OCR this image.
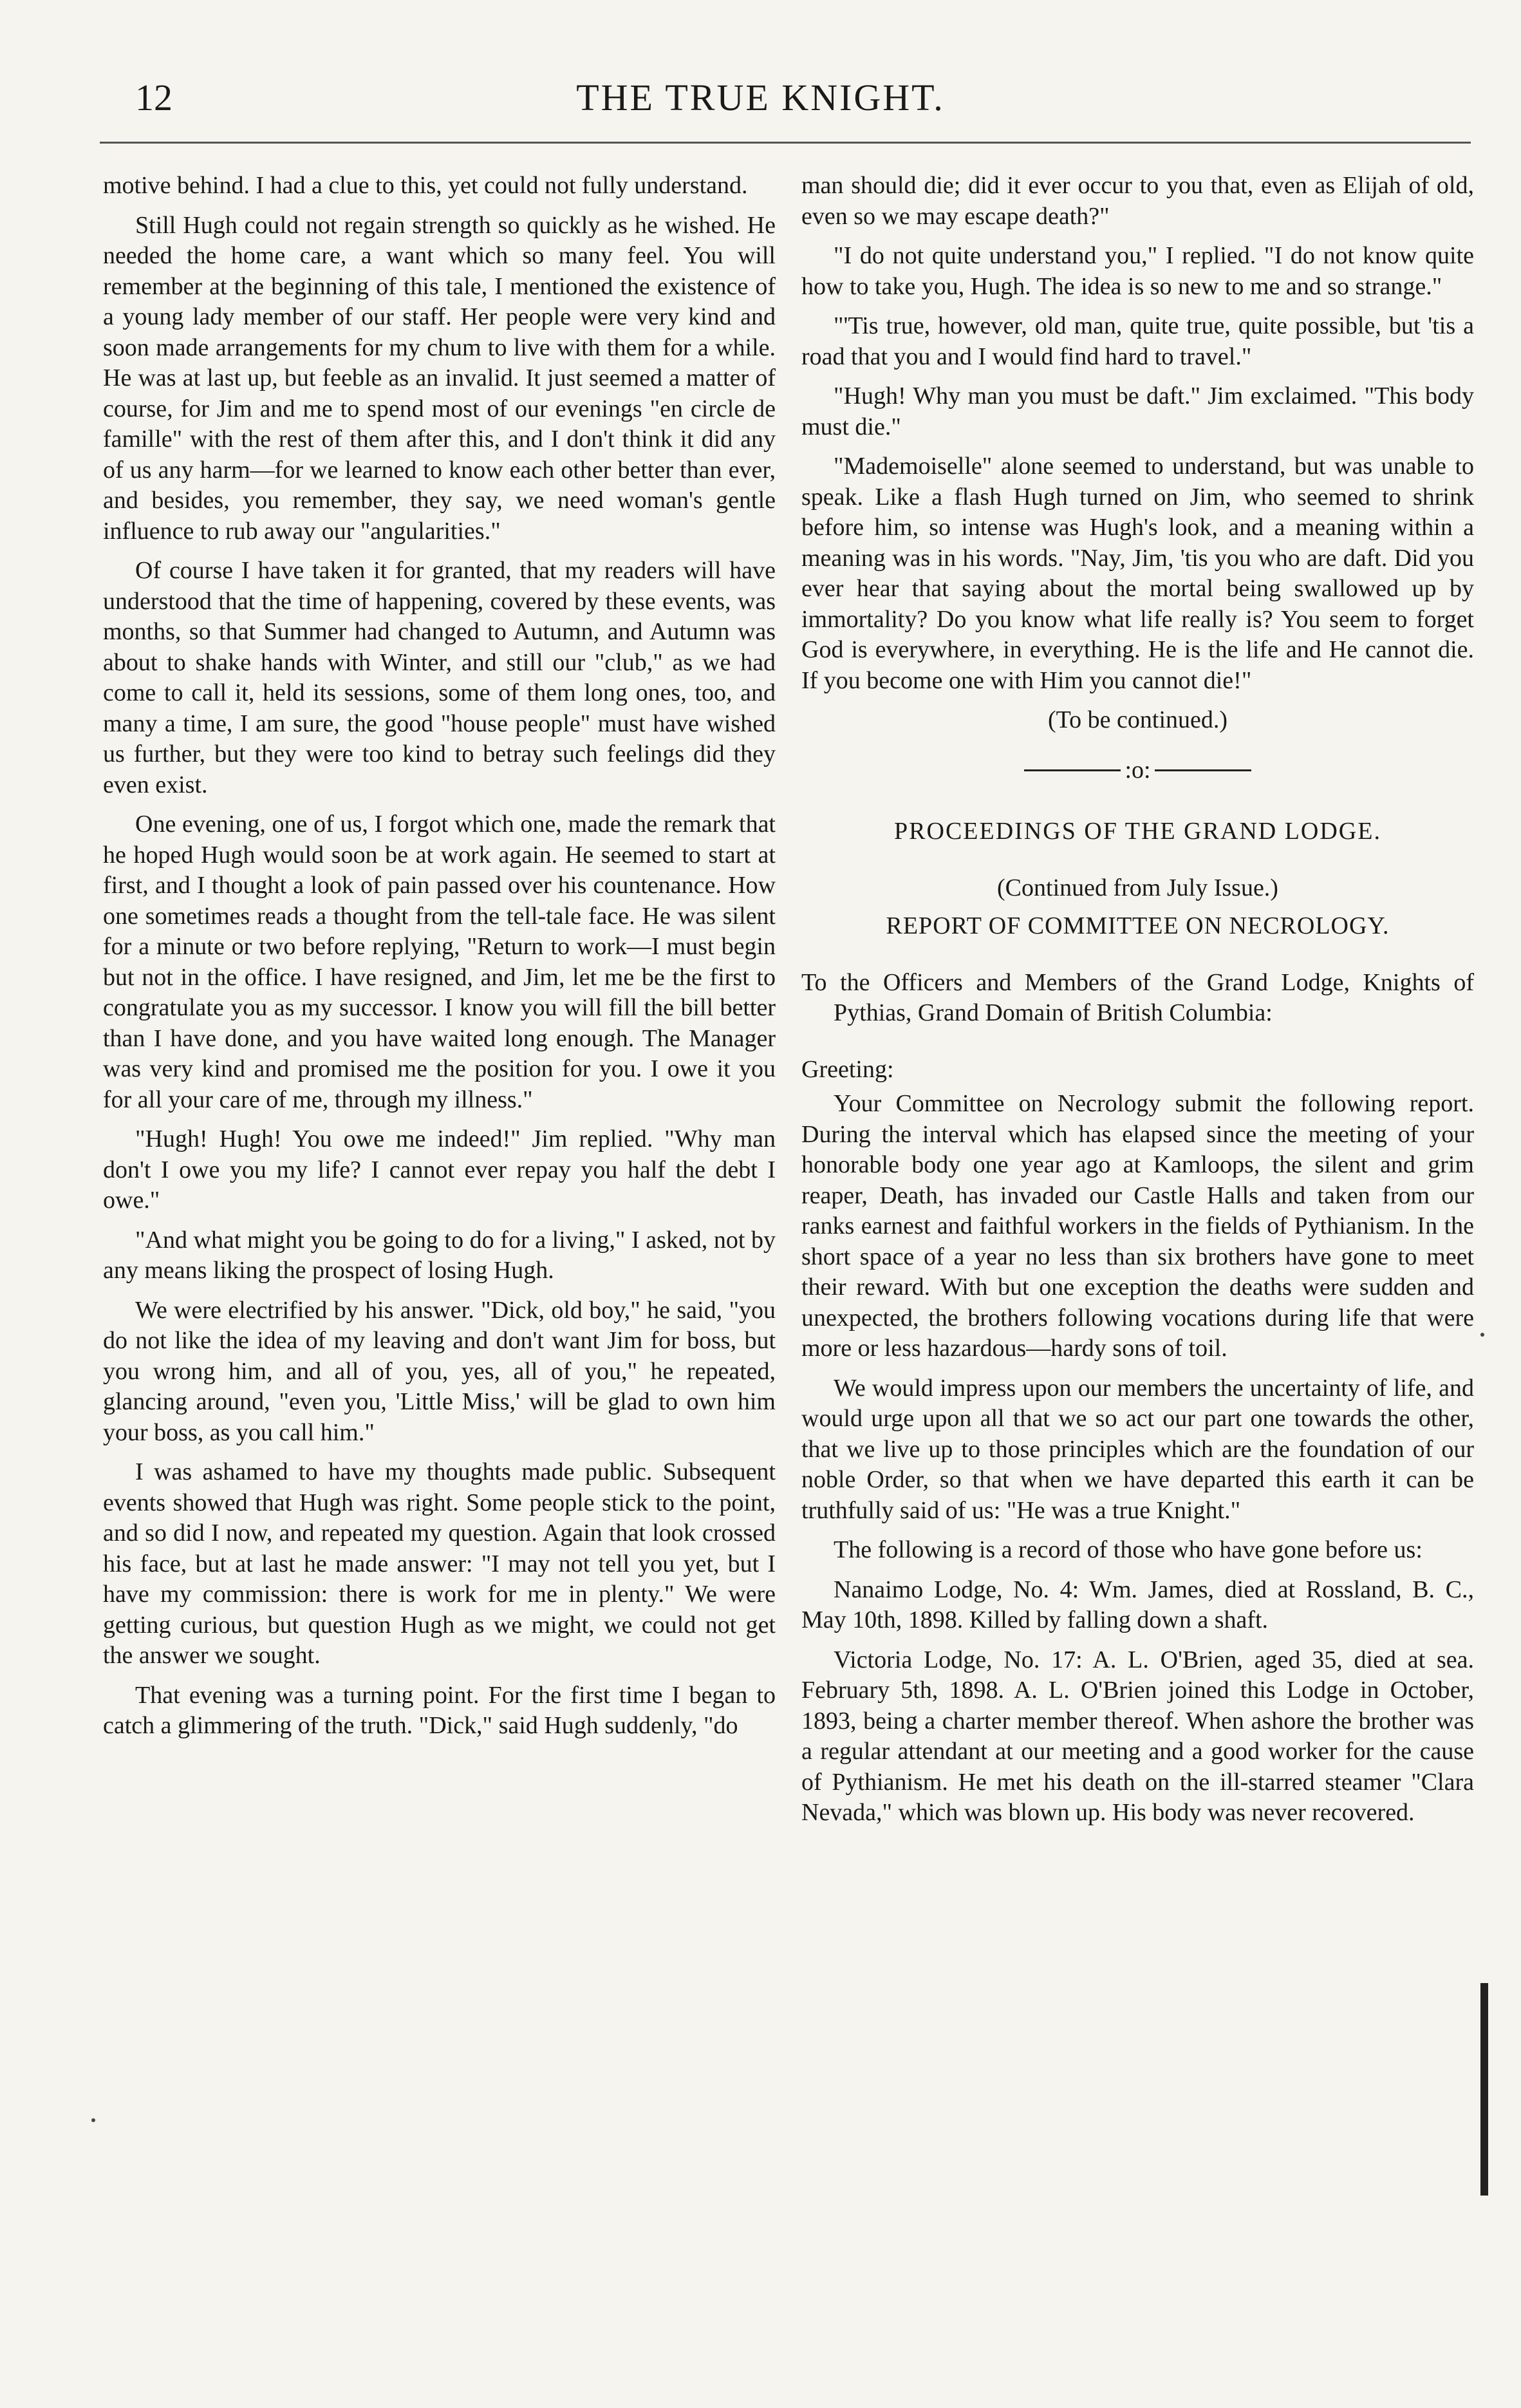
THE TRUE KNIGHT.
12

motive behind. I had a clue to this, yet could not fully understand.

Still Hugh could not regain strength so quickly as he wished. He needed the home care, a want which so many feel. You will remember at the beginning of this tale, I mentioned the existence of a young lady member of our staff. Her people were very kind and soon made arrangements for my chum to live with them for a while. He was at last up, but feeble as an invalid. It just seemed a matter of course, for Jim and me to spend most of our evenings "en circle de famille" with the rest of them after this, and I don't think it did any of us any harm—for we learned to know each other better than ever, and besides, you remember, they say, we need woman's gentle influence to rub away our "angularities."

Of course I have taken it for granted, that my readers will have understood that the time of happening, covered by these events, was months, so that Summer had changed to Autumn, and Autumn was about to shake hands with Winter, and still our "club," as we had come to call it, held its sessions, some of them long ones, too, and many a time, I am sure, the good "house people" must have wished us further, but they were too kind to betray such feelings did they even exist.

One evening, one of us, I forgot which one, made the remark that he hoped Hugh would soon be at work again. He seemed to start at first, and I thought a look of pain passed over his countenance. How one sometimes reads a thought from the tell-tale face. He was silent for a minute or two before replying, "Return to work—I must begin but not in the office. I have resigned, and Jim, let me be the first to congratulate you as my successor. I know you will fill the bill better than I have done, and you have waited long enough. The Manager was very kind and promised me the position for you. I owe it you for all your care of me, through my illness."

"Hugh! Hugh! You owe me indeed!" Jim replied. "Why man don't I owe you my life? I cannot ever repay you half the debt I owe."

"And what might you be going to do for a living," I asked, not by any means liking the prospect of losing Hugh.

We were electrified by his answer. "Dick, old boy," he said, "you do not like the idea of my leaving and don't want Jim for boss, but you wrong him, and all of you, yes, all of you," he repeated, glancing around, "even you, 'Little Miss,' will be glad to own him your boss, as you call him."

I was ashamed to have my thoughts made public. Subsequent events showed that Hugh was right. Some people stick to the point, and so did I now, and repeated my question. Again that look crossed his face, but at last he made answer: "I may not tell you yet, but I have my commission: there is work for me in plenty." We were getting curious, but question Hugh as we might, we could not get the answer we sought.

That evening was a turning point. For the first time I began to catch a glimmering of the truth. "Dick," said Hugh suddenly, "do

man should die; did it ever occur to you that, even as Elijah of old, even so we may escape death?"

"I do not quite understand you," I replied. "I do not know quite how to take you, Hugh. The idea is so new to me and so strange."

"'Tis true, however, old man, quite true, quite possible, but 'tis a road that you and I would find hard to travel."

"Hugh! Why man you must be daft." Jim exclaimed. "This body must die."

"Mademoiselle" alone seemed to understand, but was unable to speak. Like a flash Hugh turned on Jim, who seemed to shrink before him, so intense was Hugh's look, and a meaning within a meaning was in his words. "Nay, Jim, 'tis you who are daft. Did you ever hear that saying about the mortal being swallowed up by immortality? Do you know what life really is? You seem to forget God is everywhere, in everything. He is the life and He cannot die. If you become one with Him you cannot die!"

(To be continued.)

:o:
PROCEEDINGS OF THE GRAND LODGE.
(Continued from July Issue.)
REPORT OF COMMITTEE ON NECROLOGY.
To the Officers and Members of the Grand Lodge, Knights of Pythias, Grand Domain of British Columbia:
Greeting:

Your Committee on Necrology submit the following report. During the interval which has elapsed since the meeting of your honorable body one year ago at Kamloops, the silent and grim reaper, Death, has invaded our Castle Halls and taken from our ranks earnest and faithful workers in the fields of Pythianism. In the short space of a year no less than six brothers have gone to meet their reward. With but one exception the deaths were sudden and unexpected, the brothers following vocations during life that were more or less hazardous—hardy sons of toil.

We would impress upon our members the uncertainty of life, and would urge upon all that we so act our part one towards the other, that we live up to those principles which are the foundation of our noble Order, so that when we have departed this earth it can be truthfully said of us: "He was a true Knight."

The following is a record of those who have gone before us:

Nanaimo Lodge, No. 4: Wm. James, died at Rossland, B. C., May 10th, 1898. Killed by falling down a shaft.

Victoria Lodge, No. 17: A. L. O'Brien, aged 35, died at sea. February 5th, 1898. A. L. O'Brien joined this Lodge in October, 1893, being a charter member thereof. When ashore the brother was a regular attendant at our meeting and a good worker for the cause of Pythianism. He met his death on the ill-starred steamer "Clara Nevada," which was blown up. His body was never recovered.
